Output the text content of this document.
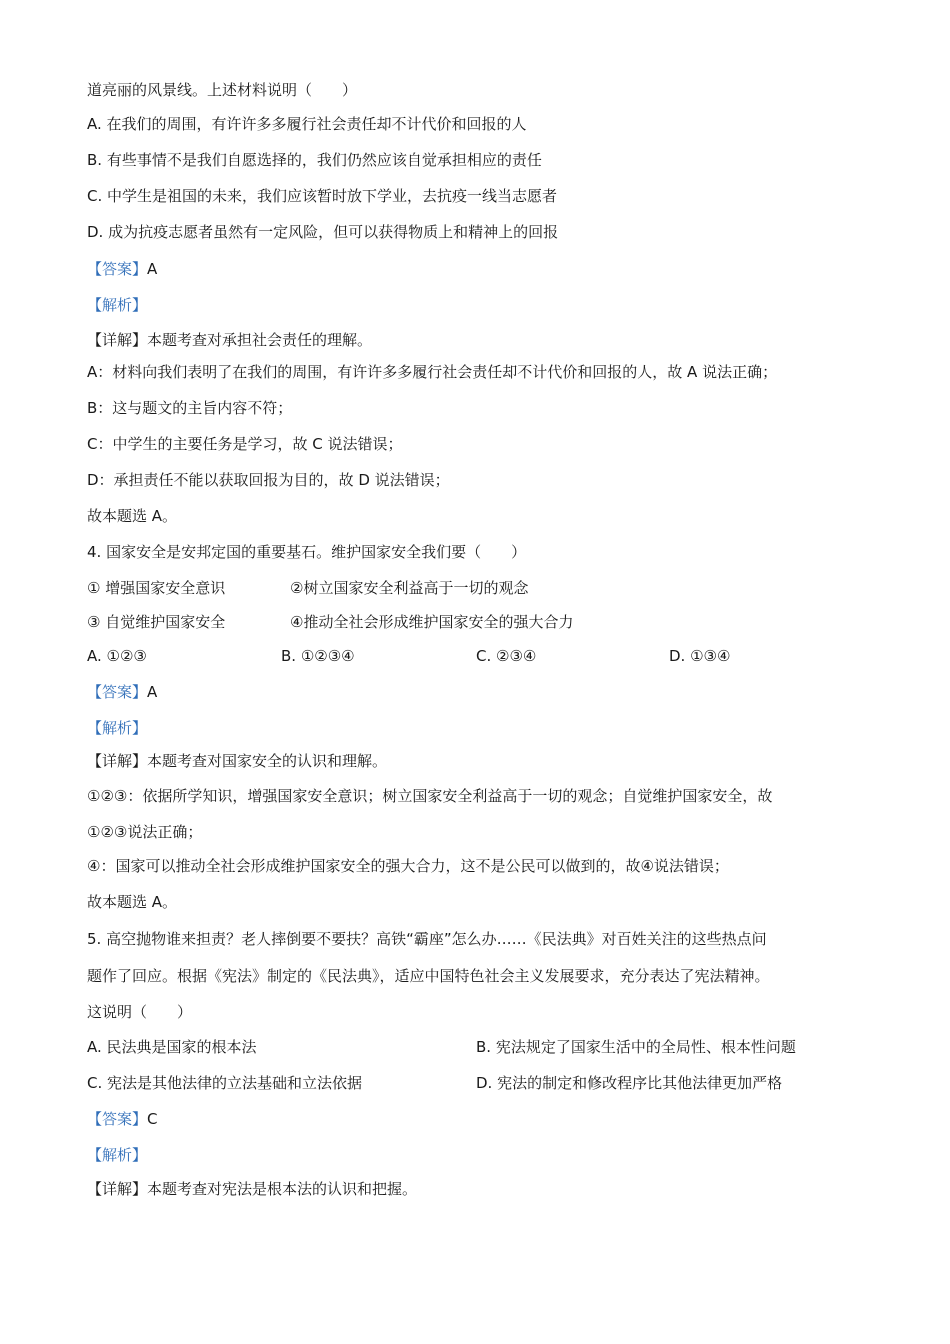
道亮丽的风景线。上述材料说明（　　）
A. 在我们的周围，有许许多多履行社会责任却不计代价和回报的人
B. 有些事情不是我们自愿选择的，我们仍然应该自觉承担相应的责任
C. 中学生是祖国的未来，我们应该暂时放下学业，去抗疫一线当志愿者
D. 成为抗疫志愿者虽然有一定风险，但可以获得物质上和精神上的回报
【答案】A
【解析】
【详解】本题考查对承担社会责任的理解。
A：材料向我们表明了在我们的周围，有许许多多履行社会责任却不计代价和回报的人，故 A 说法正确；
B：这与题文的主旨内容不符；
C：中学生的主要任务是学习，故 C 说法错误；
D：承担责任不能以获取回报为目的，故 D 说法错误；
故本题选 A。
4. 国家安全是安邦定国的重要基石。维护国家安全我们要（　　）
① 增强国家安全意识	②树立国家安全利益高于一切的观念
③ 自觉维护国家安全	④推动全社会形成维护国家安全的强大合力
A. ①②③	B. ①②③④	C. ②③④	D. ①③④
【答案】A
【解析】
【详解】本题考查对国家安全的认识和理解。
①②③：依据所学知识，增强国家安全意识；树立国家安全利益高于一切的观念；自觉维护国家安全，故
①②③说法正确；
④：国家可以推动全社会形成维护国家安全的强大合力，这不是公民可以做到的，故④说法错误；
故本题选 A。
5. 高空抛物谁来担责？老人摔倒要不要扶？高铁“霸座”怎么办……《民法典》对百姓关注的这些热点问
题作了回应。根据《宪法》制定的《民法典》，适应中国特色社会主义发展要求，充分表达了宪法精神。
这说明（　　）
A. 民法典是国家的根本法	B. 宪法规定了国家生活中的全局性、根本性问题
C. 宪法是其他法律的立法基础和立法依据	D. 宪法的制定和修改程序比其他法律更加严格
【答案】C
【解析】
【详解】本题考查对宪法是根本法的认识和把握。
